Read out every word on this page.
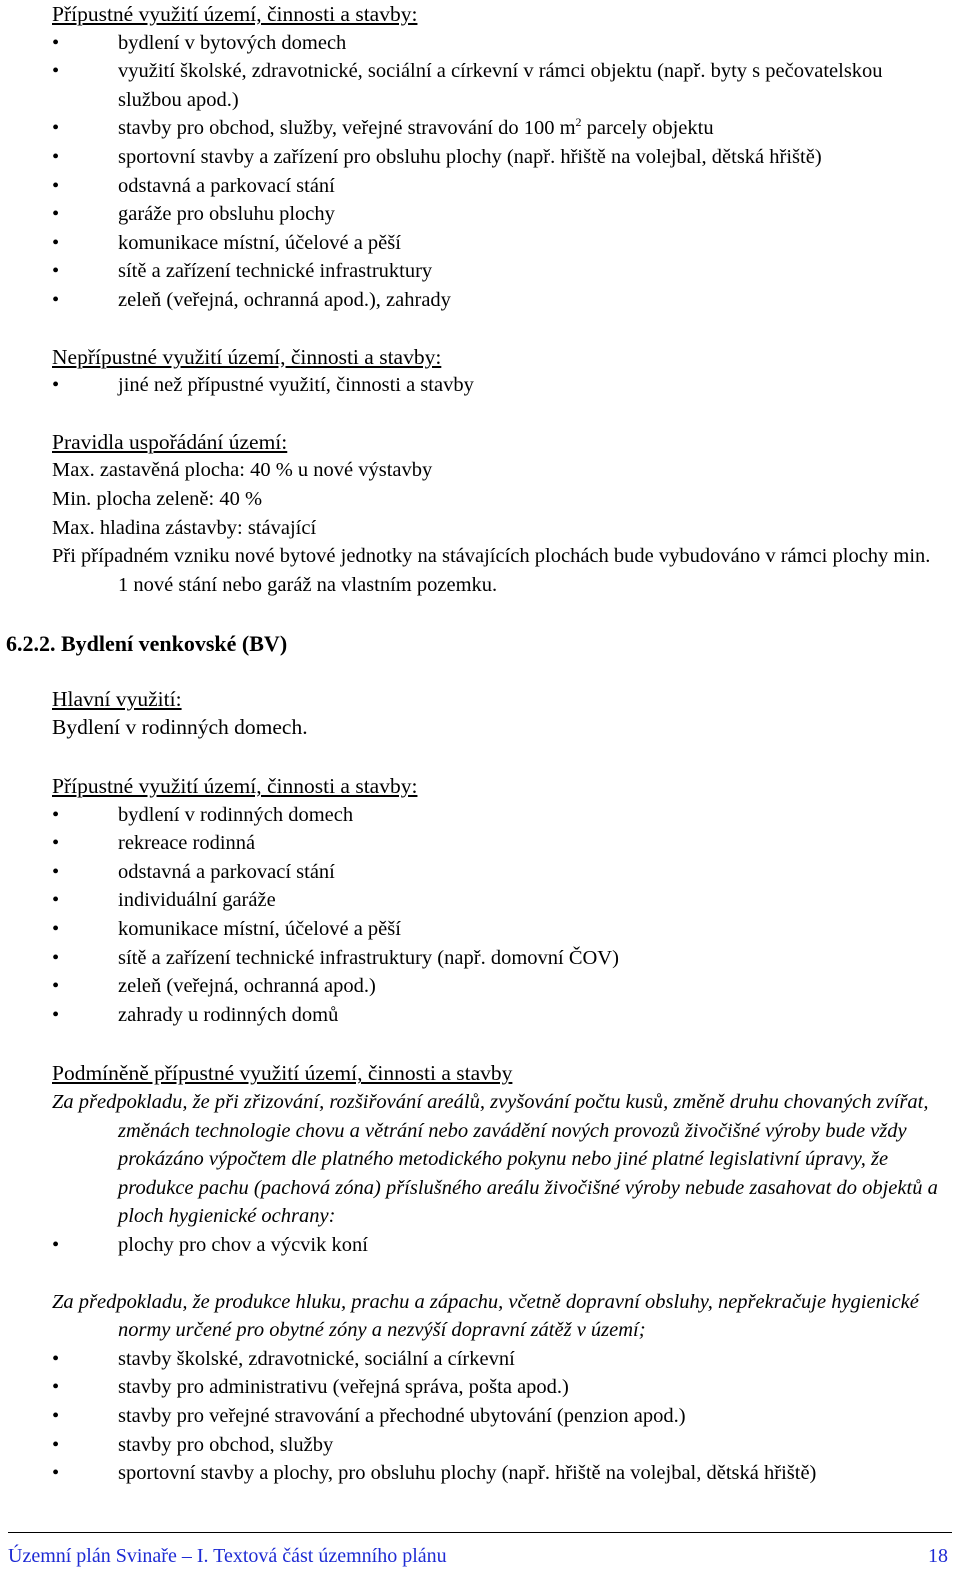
Přípustné využití území, činnosti a stavby:

•	bydlení v bytových domech
•	využití školské, zdravotnické, sociální a církevní v rámci objektu (např. byty s pečovatelskou službou apod.)
•	stavby pro obchod, služby, veřejné stravování do 100 $m^2$ parcely objektu
•	sportovní stavby a zařízení pro obsluhu plochy (např. hřiště na volejbal, dětská hřiště)
•	odstavná a parkovací stání
•	garáže pro obsluhu plochy
•	komunikace místní, účelové a pěší
•	sítě a zařízení technické infrastruktury
•	zeleň (veřejná, ochranná apod.), zahrady

Nepřípustné využití území, činnosti a stavby:

•	jiné než přípustné využití, činnosti a stavby

Pravidla uspořádání území:

Max. zastavěná plocha: 40 % u nové výstavby

Min. plocha zeleně: 40 %

Max. hladina zástavby: stávající

Při případném vzniku nové bytové jednotky na stávajících plochách bude vybudováno v rámci plochy min. 1 nové stání nebo garáž na vlastním pozemku.

6.2.2. Bydlení venkovské (BV)

Hlavní využití:

Bydlení v rodinných domech.

Přípustné využití území, činnosti a stavby:

•	bydlení v rodinných domech
•	rekreace rodinná
•	odstavná a parkovací stání
•	individuální garáže
•	komunikace místní, účelové a pěší
•	sítě a zařízení technické infrastruktury (např. domovní ČOV)
•	zeleň (veřejná, ochranná apod.)
•	zahrady u rodinných domů

Podmíněně přípustné využití území, činnosti a stavby

Za předpokladu, že při zřizování, rozšiřování areálů, zvyšování počtu kusů, změně druhu chovaných zvířat, změnách technologie chovu a větrání nebo zavádění nových provozů živočišné výroby bude vždy prokázáno výpočtem dle platného metodického pokynu nebo jiné platné legislativní úpravy, že produkce pachu (pachová zóna) příslušného areálu živočišné výroby nebude zasahovat do objektů a ploch hygienické ochrany:

•	plochy pro chov a výcvik koní

Za předpokladu, že produkce hluku, prachu a zápachu, včetně dopravní obsluhy, nepřekračuje hygienické normy určené pro obytné zóny a nezvýší dopravní zátěž v území;

•	stavby školské, zdravotnické, sociální a církevní
•	stavby pro administrativu (veřejná správa, pošta apod.)
•	stavby pro veřejné stravování a přechodné ubytování (penzion apod.)
•	stavby pro obchod, služby
•	sportovní stavby a plochy, pro obsluhu plochy (např. hřiště na volejbal, dětská hřiště)
Územní plán Svinaře – I. Textová část územního plánu	18
